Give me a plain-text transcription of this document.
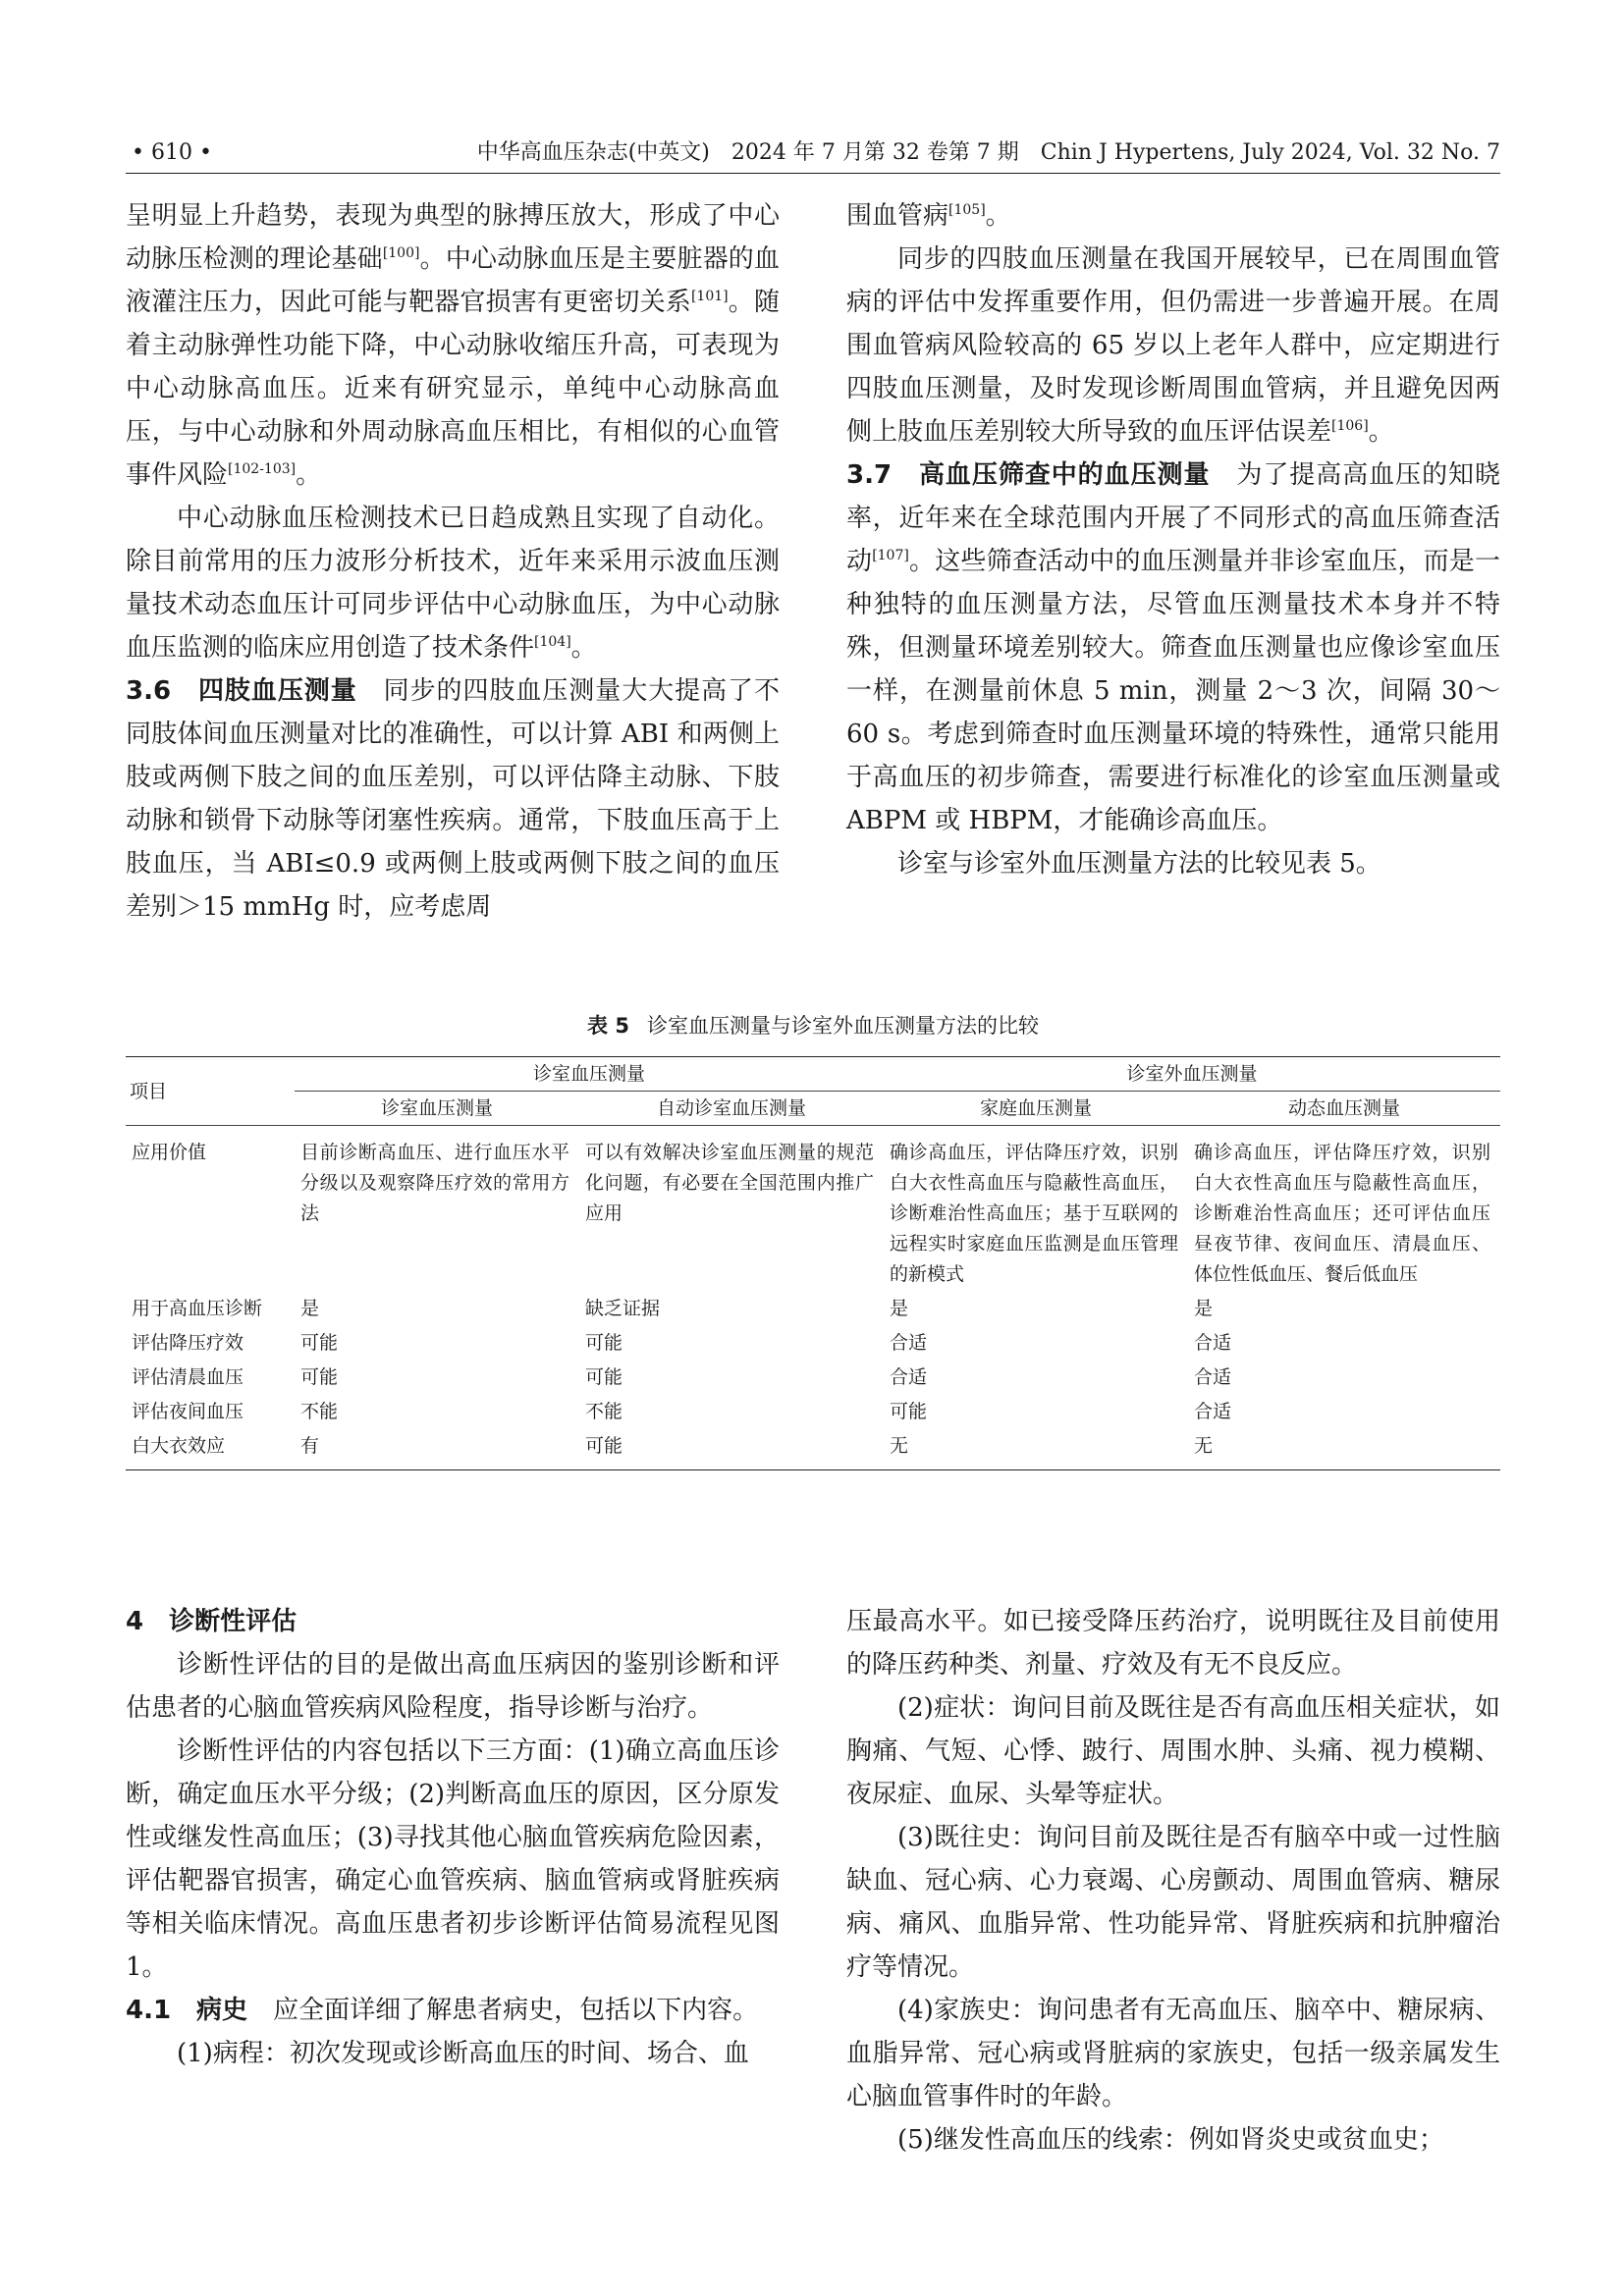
• 610 •	中华高血压杂志(中英文)　2024 年 7 月第 32 卷第 7 期　Chin J Hypertens, July 2024, Vol. 32 No. 7

呈明显上升趋势，表现为典型的脉搏压放大，形成了中心动脉压检测的理论基础[100]。中心动脉血压是主要脏器的血液灌注压力，因此可能与靶器官损害有更密切关系[101]。随着主动脉弹性功能下降，中心动脉收缩压升高，可表现为中心动脉高血压。近来有研究显示，单纯中心动脉高血压，与中心动脉和外周动脉高血压相比，有相似的心血管事件风险[102-103]。

中心动脉血压检测技术已日趋成熟且实现了自动化。除目前常用的压力波形分析技术，近年来采用示波血压测量技术动态血压计可同步评估中心动脉血压，为中心动脉血压监测的临床应用创造了技术条件[104]。

3.6　四肢血压测量　 同步的四肢血压测量大大提高了不同肢体间血压测量对比的准确性，可以计算 ABI 和两侧上肢或两侧下肢之间的血压差别，可以评估降主动脉、下肢动脉和锁骨下动脉等闭塞性疾病。通常，下肢血压高于上肢血压，当 ABI≤0.9 或两侧上肢或两侧下肢之间的血压差别＞15 mmHg 时，应考虑周

围血管病[105]。

同步的四肢血压测量在我国开展较早，已在周围血管病的评估中发挥重要作用，但仍需进一步普遍开展。在周围血管病风险较高的 65 岁以上老年人群中，应定期进行四肢血压测量，及时发现诊断周围血管病，并且避免因两侧上肢血压差别较大所导致的血压评估误差[106]。

3.7　高血压筛查中的血压测量　 为了提高高血压的知晓率，近年来在全球范围内开展了不同形式的高血压筛查活动[107]。这些筛查活动中的血压测量并非诊室血压，而是一种独特的血压测量方法，尽管血压测量技术本身并不特殊，但测量环境差别较大。筛查血压测量也应像诊室血压一样，在测量前休息 5 min，测量 2～3 次，间隔 30～60 s。考虑到筛查时血压测量环境的特殊性，通常只能用于高血压的初步筛查，需要进行标准化的诊室血压测量或 ABPM 或 HBPM，才能确诊高血压。

诊室与诊室外血压测量方法的比较见表 5。

表 5 诊室血压测量与诊室外血压测量方法的比较
项目	诊室血压测量		诊室外血压测量	
	诊室血压测量	自动诊室血压测量	家庭血压测量	动态血压测量
应用价值	目前诊断高血压、进行血压水平分级以及观察降压疗效的常用方法	可以有效解决诊室血压测量的规范化问题，有必要在全国范围内推广应用	确诊高血压，评估降压疗效，识别白大衣性高血压与隐蔽性高血压，诊断难治性高血压；基于互联网的远程实时家庭血压监测是血压管理的新模式	确诊高血压，评估降压疗效，识别白大衣性高血压与隐蔽性高血压，诊断难治性高血压；还可评估血压昼夜节律、夜间血压、清晨血压、体位性低血压、餐后低血压
用于高血压诊断	是	缺乏证据	是	是
评估降压疗效	可能	可能	合适	合适
评估清晨血压	可能	可能	合适	合适
评估夜间血压	不能	不能	可能	合适
白大衣效应	有	可能	无	无

4　诊断性评估

诊断性评估的目的是做出高血压病因的鉴别诊断和评估患者的心脑血管疾病风险程度，指导诊断与治疗。

诊断性评估的内容包括以下三方面：(1)确立高血压诊断，确定血压水平分级；(2)判断高血压的原因，区分原发性或继发性高血压；(3)寻找其他心脑血管疾病危险因素，评估靶器官损害，确定心血管疾病、脑血管病或肾脏疾病等相关临床情况。高血压患者初步诊断评估简易流程见图 1。

4.1　病史　 应全面详细了解患者病史，包括以下内容。

(1)病程：初次发现或诊断高血压的时间、场合、血

压最高水平。如已接受降压药治疗，说明既往及目前使用的降压药种类、剂量、疗效及有无不良反应。

(2)症状：询问目前及既往是否有高血压相关症状，如胸痛、气短、心悸、跛行、周围水肿、头痛、视力模糊、夜尿症、血尿、头晕等症状。

(3)既往史：询问目前及既往是否有脑卒中或一过性脑缺血、冠心病、心力衰竭、心房颤动、周围血管病、糖尿病、痛风、血脂异常、性功能异常、肾脏疾病和抗肿瘤治疗等情况。

(4)家族史：询问患者有无高血压、脑卒中、糖尿病、血脂异常、冠心病或肾脏病的家族史，包括一级亲属发生心脑血管事件时的年龄。

(5)继发性高血压的线索：例如肾炎史或贫血史；
